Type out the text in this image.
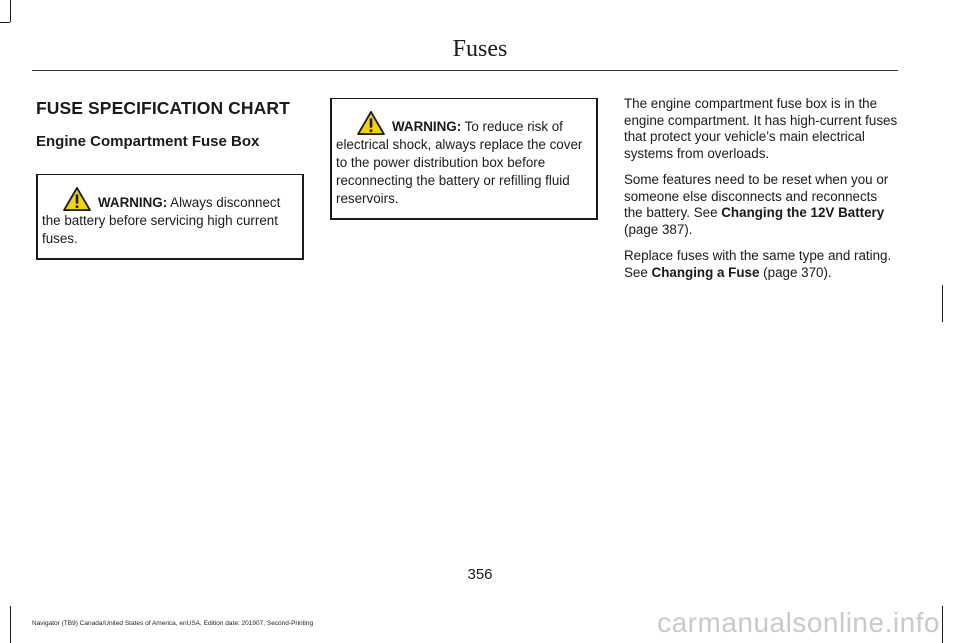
Fuses
FUSE SPECIFICATION CHART
Engine Compartment Fuse Box
WARNING: Always disconnect the battery before servicing high current fuses.
WARNING: To reduce risk of electrical shock, always replace the cover to the power distribution box before reconnecting the battery or refilling fluid reservoirs.

The engine compartment fuse box is in the engine compartment. It has high-current fuses that protect your vehicle’s main electrical systems from overloads.

Some features need to be reset when you or someone else disconnects and reconnects the battery. See Changing the 12V Battery (page 387).

Replace fuses with the same type and rating. See Changing a Fuse (page 370).

356
Navigator (TB9) Canada/United States of America, enUSA, Edition date: 201907, Second-Printing	carmanualsonline.info
